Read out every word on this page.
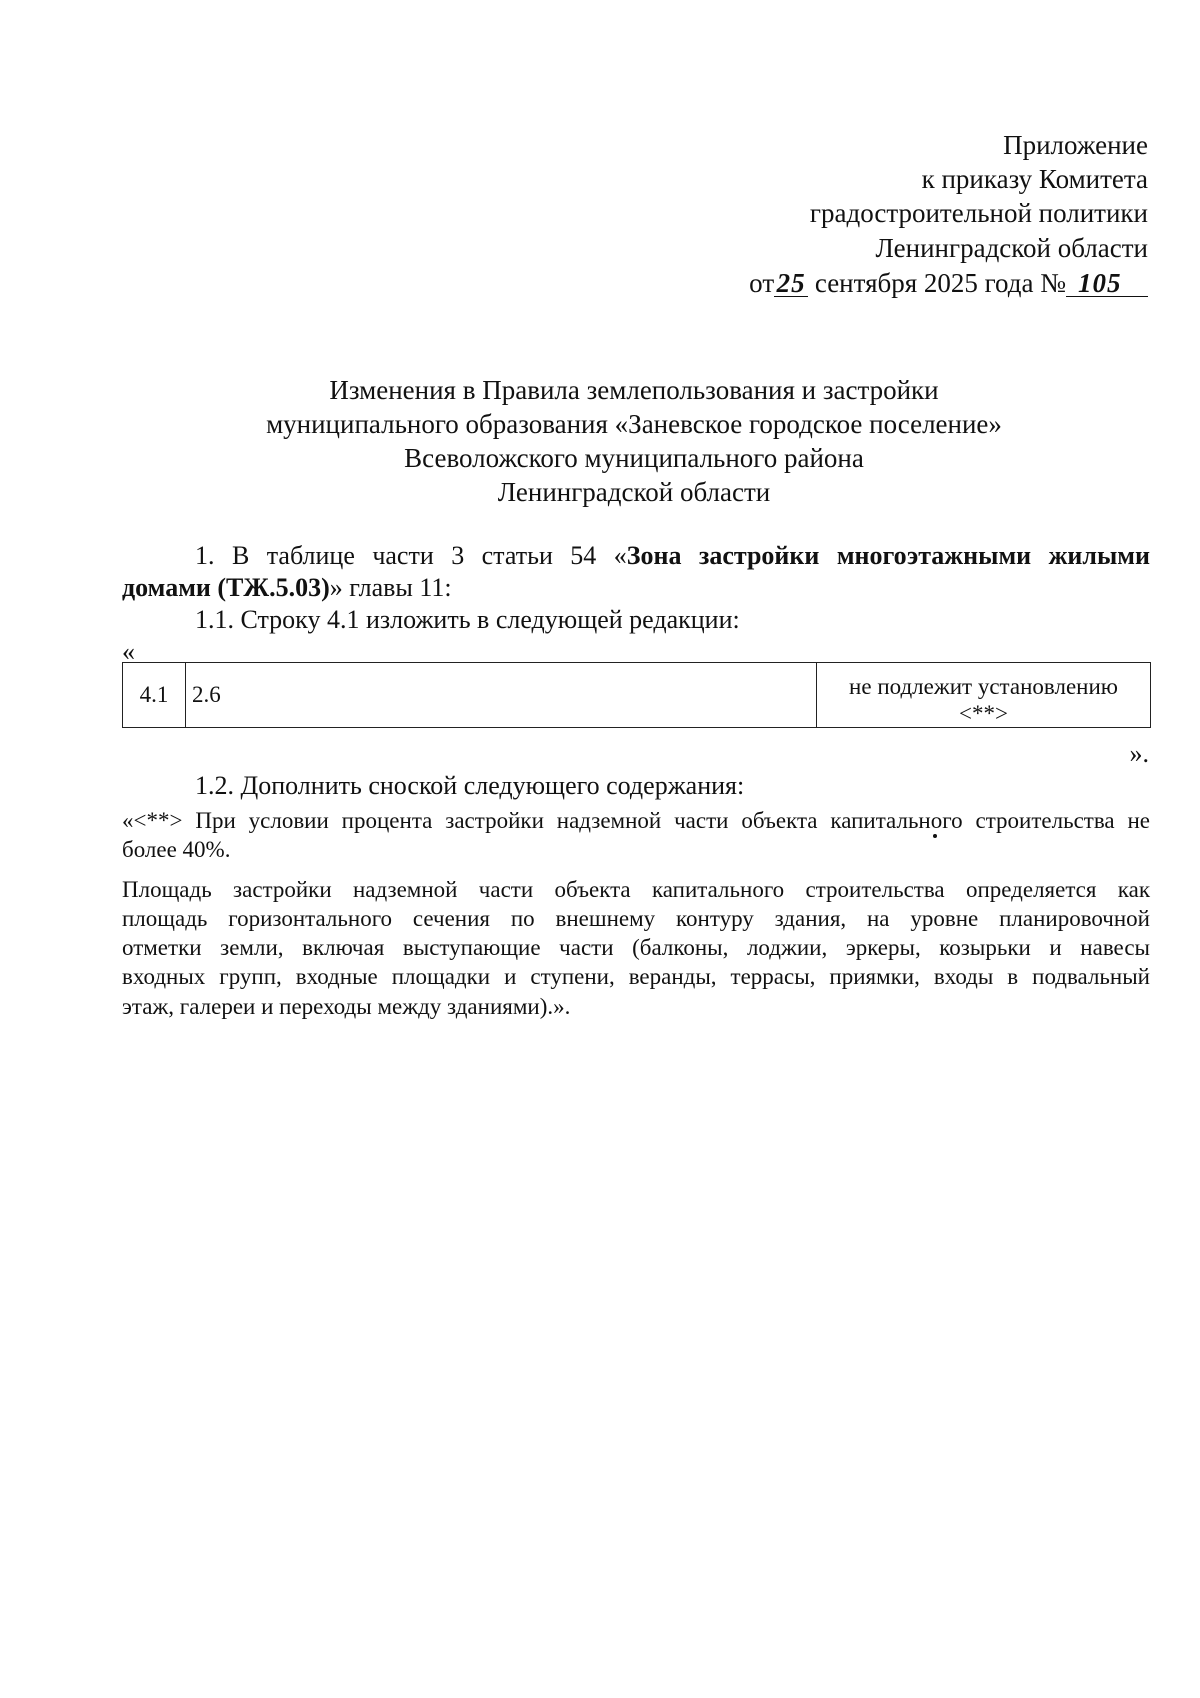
Приложение
к приказу Комитета
градостроительной политики
Ленинградской области
от25 сентября 2025 года № 105
Изменения в Правила землепользования и застройки
муниципального образования «Заневское городское поселение»
Всеволожского муниципального района
Ленинградской области
1. В таблице части 3 статьи 54 «Зона застройки многоэтажными жилыми
домами (ТЖ.5.03)» главы 11:
1.1. Строку 4.1 изложить в следующей редакции:
«
4.1	2.6	не подлежит установлению
<**>
».
1.2. Дополнить сноской следующего содержания:
«<**> При условии процента застройки надземной части объекта капитального строительства не
более 40%.
Площадь застройки надземной части объекта капитального строительства определяется как
площадь горизонтального сечения по внешнему контуру здания, на уровне планировочной
отметки земли, включая выступающие части (балконы, лоджии, эркеры, козырьки и навесы
входных групп, входные площадки и ступени, веранды, террасы, приямки, входы в подвальный
этаж, галереи и переходы между зданиями).».
